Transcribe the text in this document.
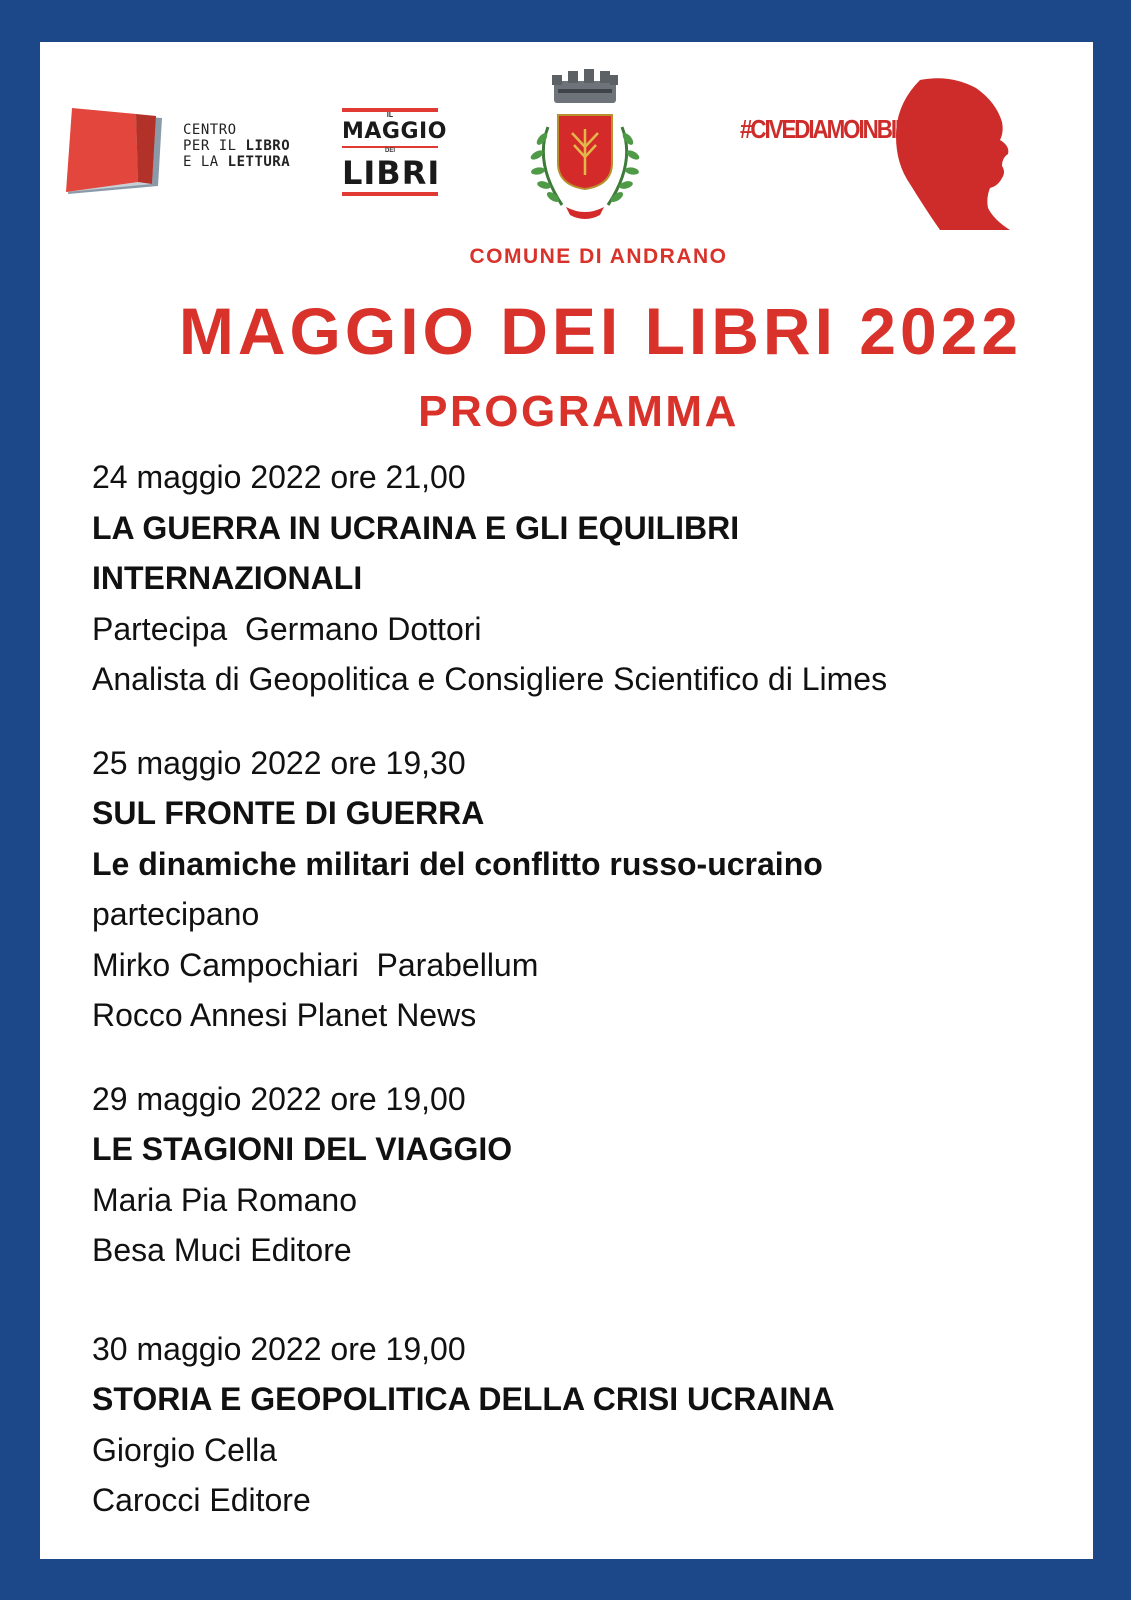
CENTRO
PER IL LIBRO
E LA LETTURA
IL
MAGGIO
DEI
LIBRI
COMUNE DI ANDRANO
#CIVEDIAMOINBIBLIOTECA
MAGGIO DEI LIBRI 2022
PROGRAMMA
24 maggio 2022 ore 21,00
LA GUERRA IN UCRAINA E GLI EQUILIBRI
INTERNAZIONALI
Partecipa  Germano Dottori
Analista di Geopolitica e Consigliere Scientifico di Limes
25 maggio 2022 ore 19,30
SUL FRONTE DI GUERRA
Le dinamiche militari del conflitto russo-ucraino
partecipano
Mirko Campochiari  Parabellum
Rocco Annesi Planet News
29 maggio 2022 ore 19,00
LE STAGIONI DEL VIAGGIO
Maria Pia Romano
Besa Muci Editore
30 maggio 2022 ore 19,00
STORIA E GEOPOLITICA DELLA CRISI UCRAINA
Giorgio Cella
Carocci Editore
